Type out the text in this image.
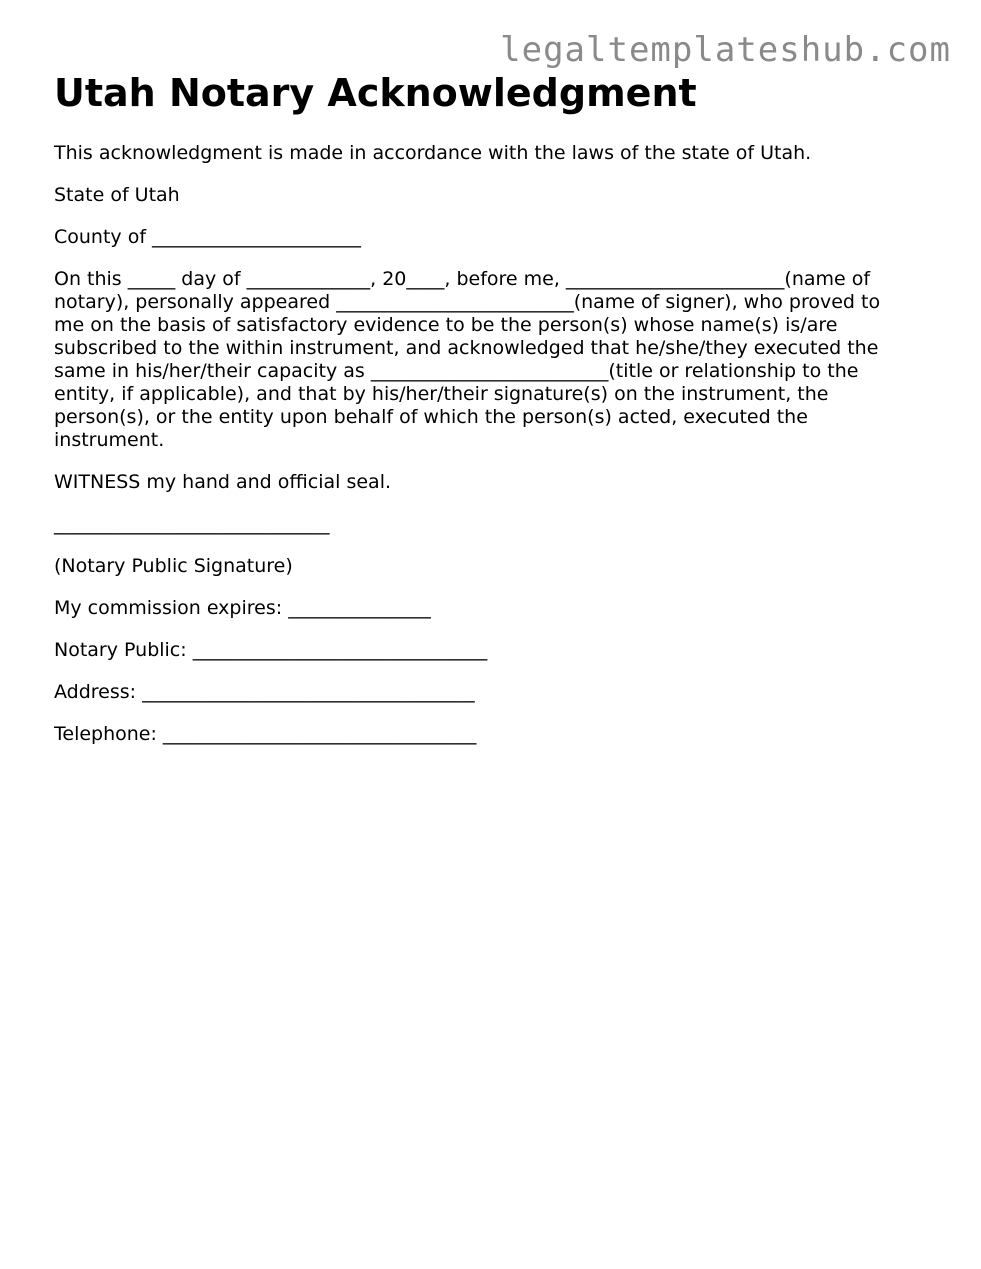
legaltemplateshub.com
Utah Notary Acknowledgment

This acknowledgment is made in accordance with the laws of the state of Utah.

State of Utah

County of ______________________

On this _____ day of _____________, 20____, before me, _______________________(name of notary), personally appeared _________________________(name of signer), who proved to me on the basis of satisfactory evidence to be the person(s) whose name(s) is/are subscribed to the within instrument, and acknowledged that he/she/they executed the same in his/her/their capacity as _________________________(title or relationship to the entity, if applicable), and that by his/her/their signature(s) on the instrument, the person(s), or the entity upon behalf of which the person(s) acted, executed the instrument.

WITNESS my hand and official seal.

_____________________________

(Notary Public Signature)

My commission expires: _______________

Notary Public: _______________________________

Address: ___________________________________

Telephone: _________________________________
